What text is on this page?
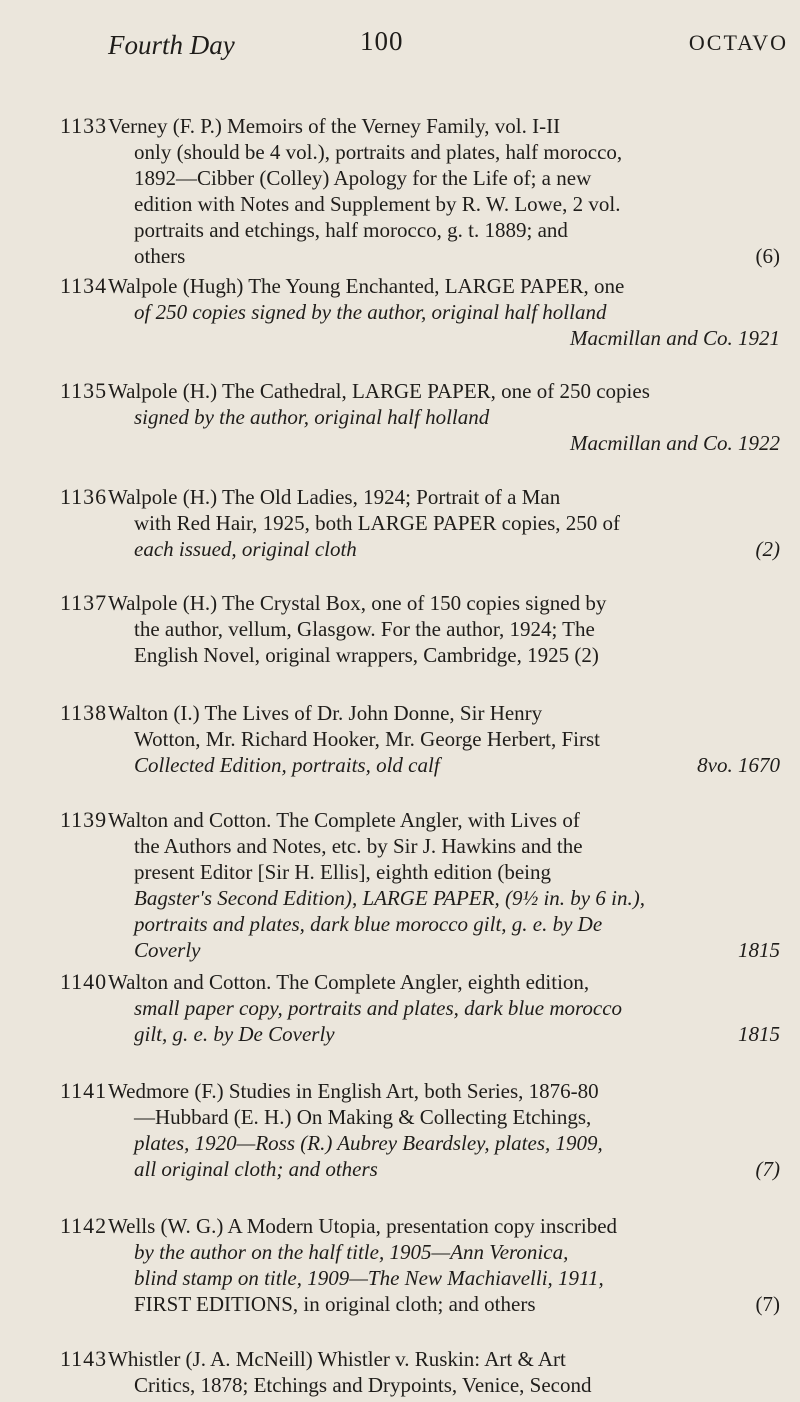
Fourth Day	100	OCTAVO
1133 Verney (F. P.) Memoirs of the Verney Family, vol. I-II
only (should be 4 vol.), portraits and plates, half morocco,
1892—Cibber (Colley) Apology for the Life of; a new
edition with Notes and Supplement by R. W. Lowe, 2 vol.
portraits and etchings, half morocco, g. t. 1889; and
others	(6)
1134 Walpole (Hugh) The Young Enchanted, LARGE PAPER, one
of 250 copies signed by the author, original half holland
Macmillan and Co. 1921
1135 Walpole (H.) The Cathedral, LARGE PAPER, one of 250 copies
signed by the author, original half holland
Macmillan and Co. 1922
1136 Walpole (H.) The Old Ladies, 1924; Portrait of a Man
with Red Hair, 1925, both LARGE PAPER copies, 250 of
each issued, original cloth	(2)
1137 Walpole (H.) The Crystal Box, one of 150 copies signed by
the author, vellum, Glasgow. For the author, 1924; The
English Novel, original wrappers, Cambridge, 1925 (2)
1138 Walton (I.) The Lives of Dr. John Donne, Sir Henry
Wotton, Mr. Richard Hooker, Mr. George Herbert, First
Collected Edition, portraits, old calf	8vo. 1670
1139 Walton and Cotton. The Complete Angler, with Lives of
the Authors and Notes, etc. by Sir J. Hawkins and the
present Editor [Sir H. Ellis], eighth edition (being
Bagster's Second Edition), LARGE PAPER, (9½ in. by 6 in.),
portraits and plates, dark blue morocco gilt, g. e. by De
Coverly	1815
1140 Walton and Cotton. The Complete Angler, eighth edition,
small paper copy, portraits and plates, dark blue morocco
gilt, g. e. by De Coverly	1815
1141 Wedmore (F.) Studies in English Art, both Series, 1876-80
—Hubbard (E. H.) On Making & Collecting Etchings,
plates, 1920—Ross (R.) Aubrey Beardsley, plates, 1909,
all original cloth; and others	(7)
1142 Wells (W. G.) A Modern Utopia, presentation copy inscribed
by the author on the half title, 1905—Ann Veronica,
blind stamp on title, 1909—The New Machiavelli, 1911,
FIRST EDITIONS, in original cloth; and others	(7)
1143 Whistler (J. A. McNeill) Whistler v. Ruskin: Art & Art
Critics, 1878; Etchings and Drypoints, Venice, Second
